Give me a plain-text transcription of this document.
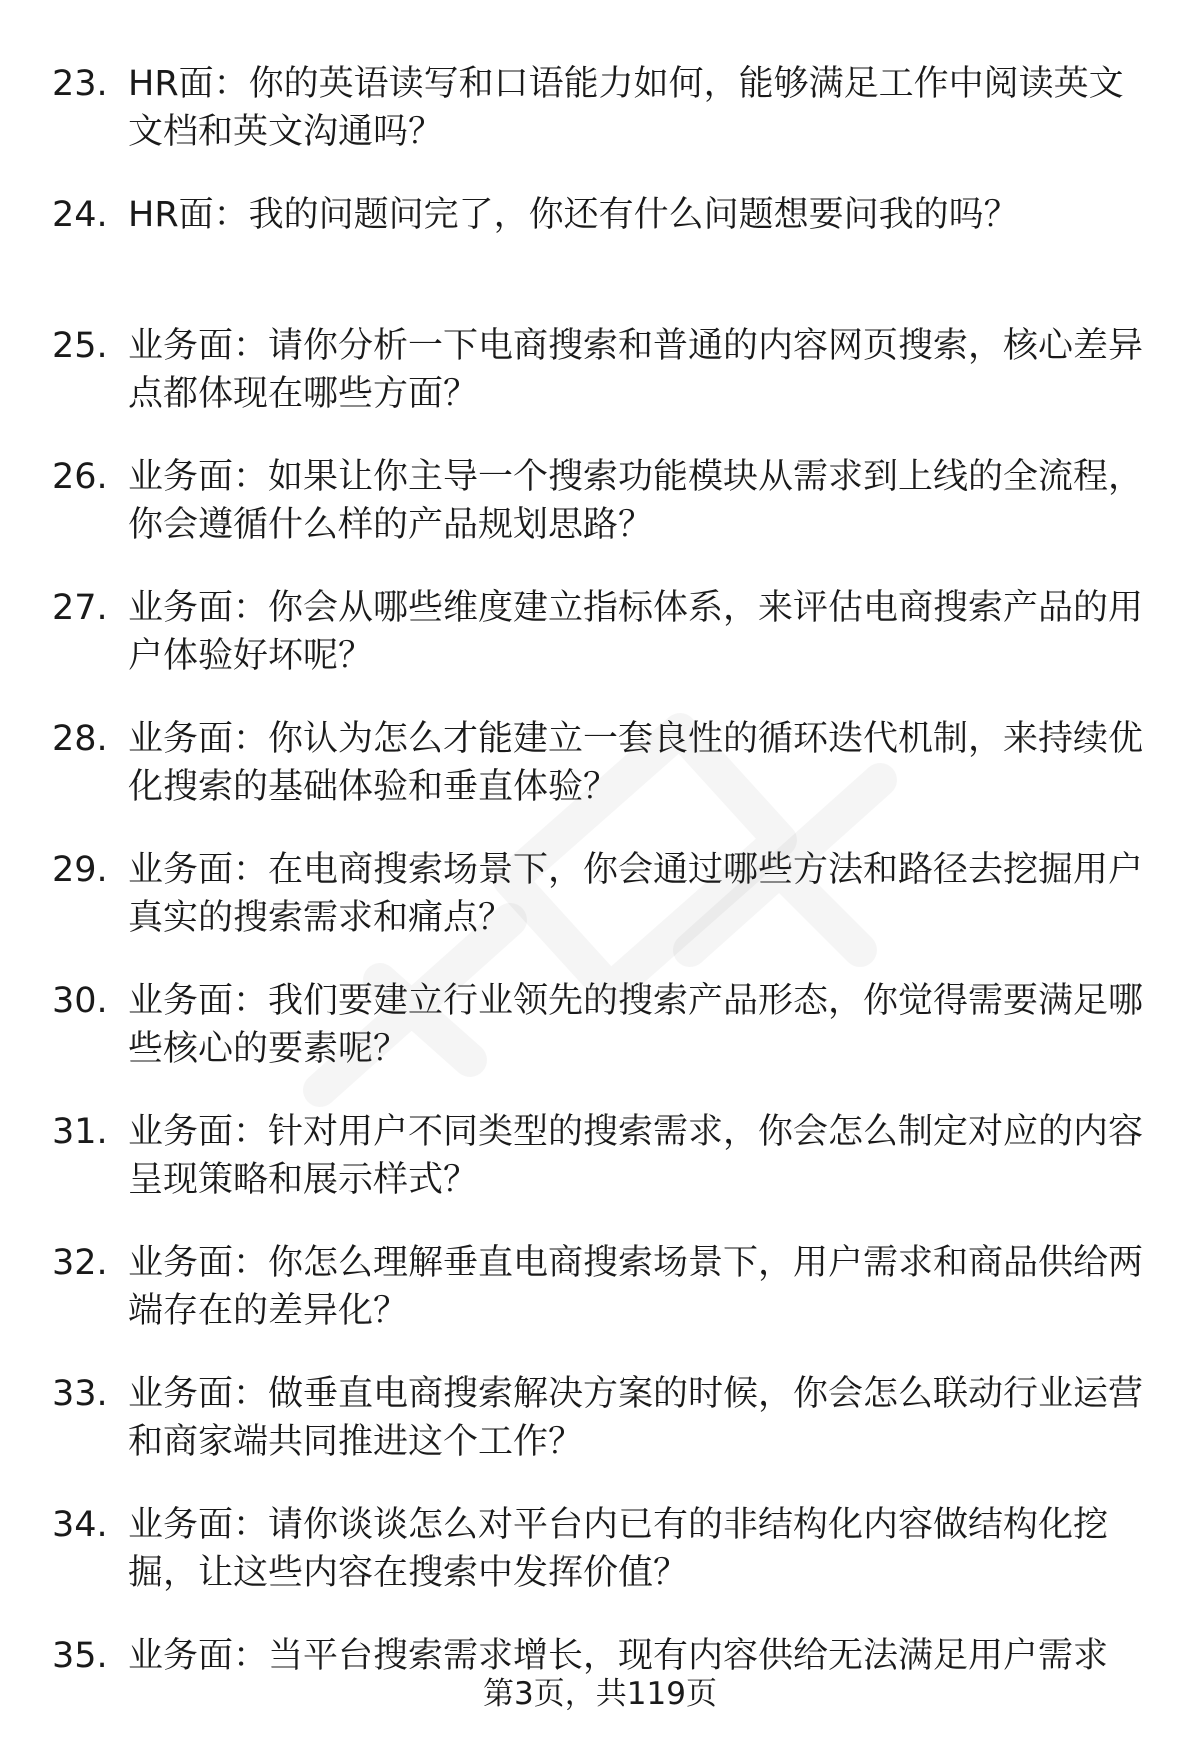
23. HR面：你的英语读写和口语能力如何，能够满足工作中阅读英文文档和英文沟通吗？
24. HR面：我的问题问完了，你还有什么问题想要问我的吗？
25. 业务面：请你分析一下电商搜索和普通的内容网页搜索，核心差异点都体现在哪些方面？
26. 业务面：如果让你主导一个搜索功能模块从需求到上线的全流程，你会遵循什么样的产品规划思路？
27. 业务面：你会从哪些维度建立指标体系，来评估电商搜索产品的用户体验好坏呢？
28. 业务面：你认为怎么才能建立一套良性的循环迭代机制，来持续优化搜索的基础体验和垂直体验？
29. 业务面：在电商搜索场景下，你会通过哪些方法和路径去挖掘用户真实的搜索需求和痛点？
30. 业务面：我们要建立行业领先的搜索产品形态，你觉得需要满足哪些核心的要素呢？
31. 业务面：针对用户不同类型的搜索需求，你会怎么制定对应的内容呈现策略和展示样式？
32. 业务面：你怎么理解垂直电商搜索场景下，用户需求和商品供给两端存在的差异化？
33. 业务面：做垂直电商搜索解决方案的时候，你会怎么联动行业运营和商家端共同推进这个工作？
34. 业务面：请你谈谈怎么对平台内已有的非结构化内容做结构化挖掘，让这些内容在搜索中发挥价值？
35. 业务面：当平台搜索需求增长，现有内容供给无法满足用户需求
第3页，共119页
